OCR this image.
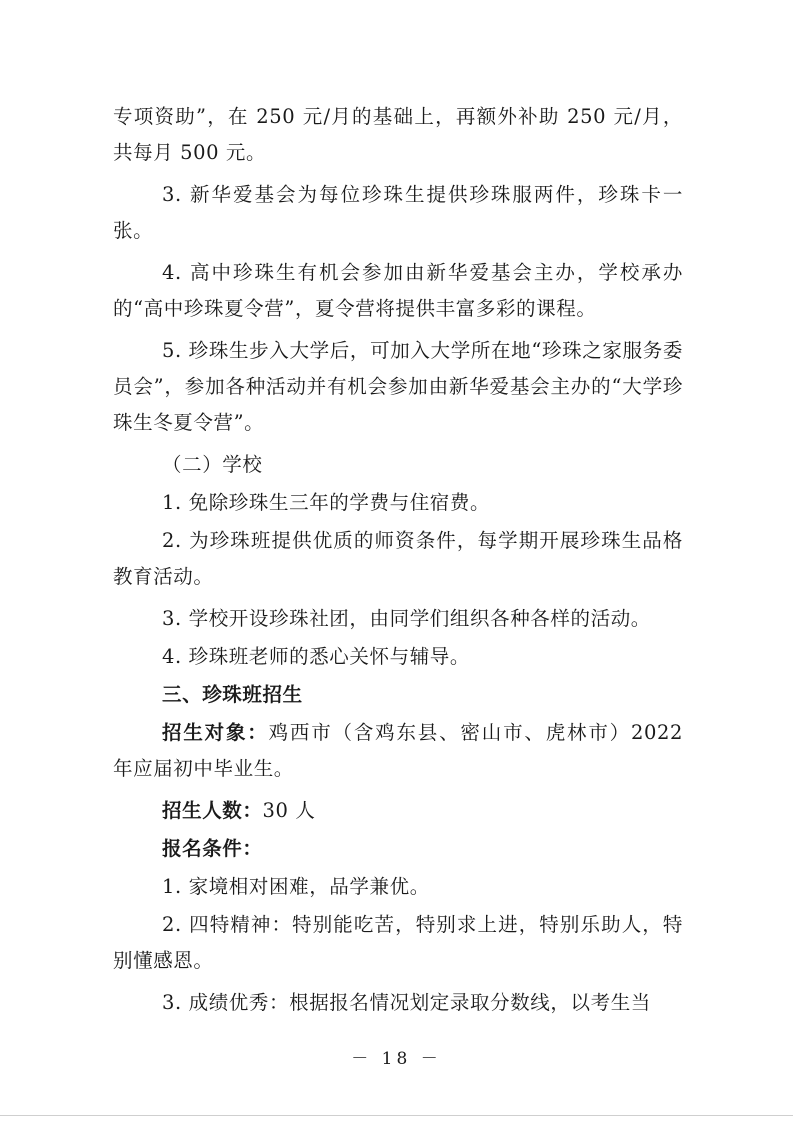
专项资助”，在 250 元/月的基础上，再额外补助 250 元/月，共每月 500 元。

3. 新华爱基会为每位珍珠生提供珍珠服两件，珍珠卡一张。

4. 高中珍珠生有机会参加由新华爱基会主办，学校承办的“高中珍珠夏令营”，夏令营将提供丰富多彩的课程。

5. 珍珠生步入大学后，可加入大学所在地“珍珠之家服务委员会”，参加各种活动并有机会参加由新华爱基会主办的“大学珍珠生冬夏令营”。

（二）学校

1. 免除珍珠生三年的学费与住宿费。

2. 为珍珠班提供优质的师资条件，每学期开展珍珠生品格教育活动。

3. 学校开设珍珠社团，由同学们组织各种各样的活动。

4. 珍珠班老师的悉心关怀与辅导。

三、珍珠班招生

招生对象：鸡西市（含鸡东县、密山市、虎林市）2022 年应届初中毕业生。

招生人数：30 人

报名条件：

1. 家境相对困难，品学兼优。

2. 四特精神：特别能吃苦，特别求上进，特别乐助人，特别懂感恩。

3. 成绩优秀：根据报名情况划定录取分数线，以考生当

－ 18 －
